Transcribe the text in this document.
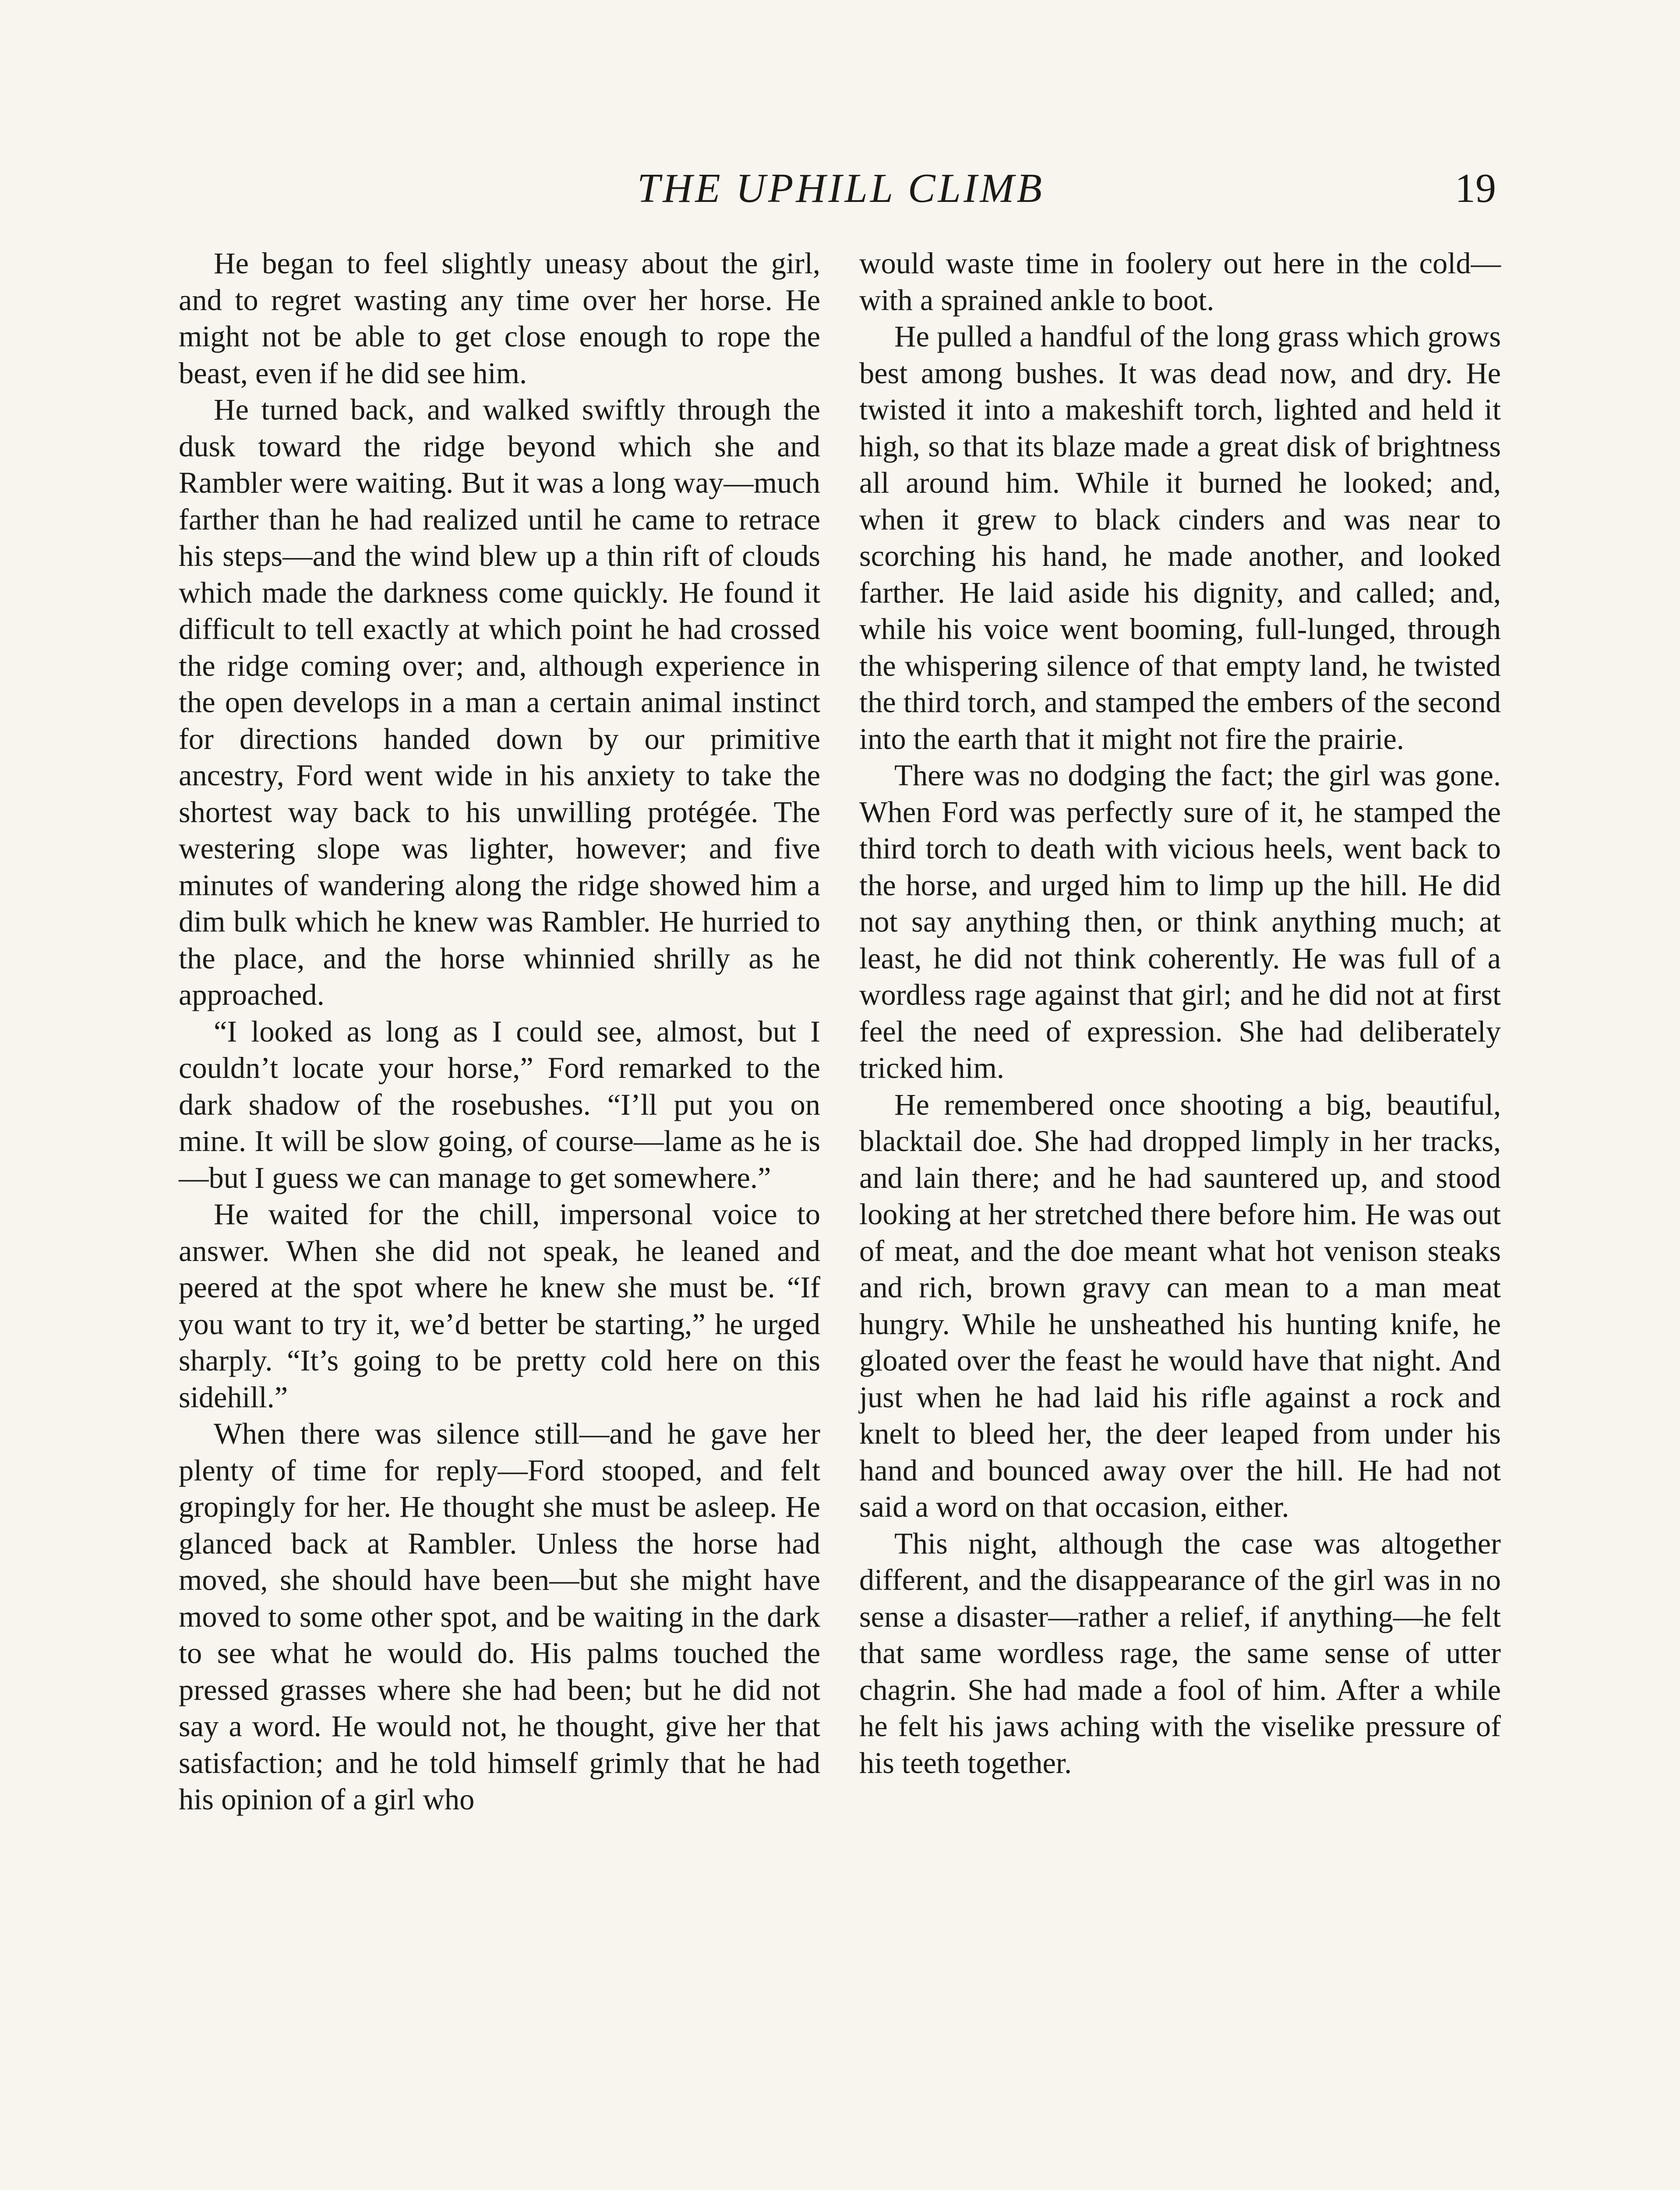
THE UPHILL CLIMB	19

He began to feel slightly uneasy about the girl, and to regret wasting any time over her horse. He might not be able to get close enough to rope the beast, even if he did see him.

He turned back, and walked swiftly through the dusk toward the ridge beyond which she and Rambler were waiting. But it was a long way—much farther than he had realized until he came to retrace his steps—and the wind blew up a thin rift of clouds which made the darkness come quickly. He found it difficult to tell exactly at which point he had crossed the ridge coming over; and, although experience in the open develops in a man a certain animal instinct for directions handed down by our primitive ancestry, Ford went wide in his anxiety to take the shortest way back to his unwilling protégée. The westering slope was lighter, however; and five minutes of wandering along the ridge showed him a dim bulk which he knew was Rambler. He hurried to the place, and the horse whinnied shrilly as he approached.

“I looked as long as I could see, almost, but I couldn’t locate your horse,” Ford remarked to the dark shadow of the rosebushes. “I’ll put you on mine. It will be slow going, of course—lame as he is—but I guess we can manage to get somewhere.”

He waited for the chill, impersonal voice to answer. When she did not speak, he leaned and peered at the spot where he knew she must be. “If you want to try it, we’d better be starting,” he urged sharply. “It’s going to be pretty cold here on this sidehill.”

When there was silence still—and he gave her plenty of time for reply—Ford stooped, and felt gropingly for her. He thought she must be asleep. He glanced back at Rambler. Unless the horse had moved, she should have been—but she might have moved to some other spot, and be waiting in the dark to see what he would do. His palms touched the pressed grasses where she had been; but he did not say a word. He would not, he thought, give her that satisfaction; and he told himself grimly that he had his opinion of a girl who

would waste time in foolery out here in the cold—with a sprained ankle to boot.

He pulled a handful of the long grass which grows best among bushes. It was dead now, and dry. He twisted it into a makeshift torch, lighted and held it high, so that its blaze made a great disk of brightness all around him. While it burned he looked; and, when it grew to black cinders and was near to scorching his hand, he made another, and looked farther. He laid aside his dignity, and called; and, while his voice went booming, full-lunged, through the whispering silence of that empty land, he twisted the third torch, and stamped the embers of the second into the earth that it might not fire the prairie.

There was no dodging the fact; the girl was gone. When Ford was perfectly sure of it, he stamped the third torch to death with vicious heels, went back to the horse, and urged him to limp up the hill. He did not say anything then, or think anything much; at least, he did not think coherently. He was full of a wordless rage against that girl; and he did not at first feel the need of expression. She had deliberately tricked him.

He remembered once shooting a big, beautiful, blacktail doe. She had dropped limply in her tracks, and lain there; and he had sauntered up, and stood looking at her stretched there before him. He was out of meat, and the doe meant what hot venison steaks and rich, brown gravy can mean to a man meat hungry. While he unsheathed his hunting knife, he gloated over the feast he would have that night. And just when he had laid his rifle against a rock and knelt to bleed her, the deer leaped from under his hand and bounced away over the hill. He had not said a word on that occasion, either.

This night, although the case was altogether different, and the disappearance of the girl was in no sense a disaster—rather a relief, if anything—he felt that same wordless rage, the same sense of utter chagrin. She had made a fool of him. After a while he felt his jaws aching with the viselike pressure of his teeth together.
